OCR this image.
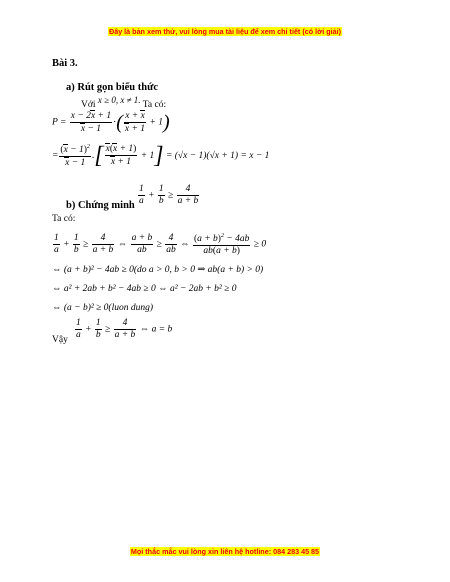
Đây là bản xem thử, vui lòng mua tài liệu để xem chi tiết (có lời giải)
Bài 3.
a) Rút gọn biểu thức
Với x ≥ 0, x ≠ 1. Ta có:
$P = \frac{x - 2x + 1}{x - 1}$ ·( $\frac{x + x}{x + 1} + 1$)
= $\frac{(x - 1)^2}{x - 1}$ .[ $\frac{x(x + 1)}{x + 1} + 1] = (√x - 1)(√x + 1) = x - 1$
b) Chứng minh $\frac{1}{a} + \frac{1}{b} \ge \frac{4}{a + b}$
Ta có:
$\frac{1}{a} + \frac{1}{b} \ge \frac{4}{a + b}$ ⇔ $\frac{a + b}{ab} \ge \frac{4}{ab}$ ⇔ $\frac{(a + b)^2 - 4ab}{ab(a + b)} \ge 0$
⇔ (a + b)² − 4ab ≥ 0(do a > 0, b > 0 ⇒ ab(a + b) > 0)
⇔ a² + 2ab + b² − 4ab ≥ 0 ⇔ a² − 2ab + b² ≥ 0
⇔ (a − b)² ≥ 0(luon dung)
Vậy $\frac{1}{a} + \frac{1}{b} \ge \frac{4}{a + b}$ ⇔ a = b
Mọi thắc mắc vui lòng xin liên hệ hotline: 084 283 45 85
